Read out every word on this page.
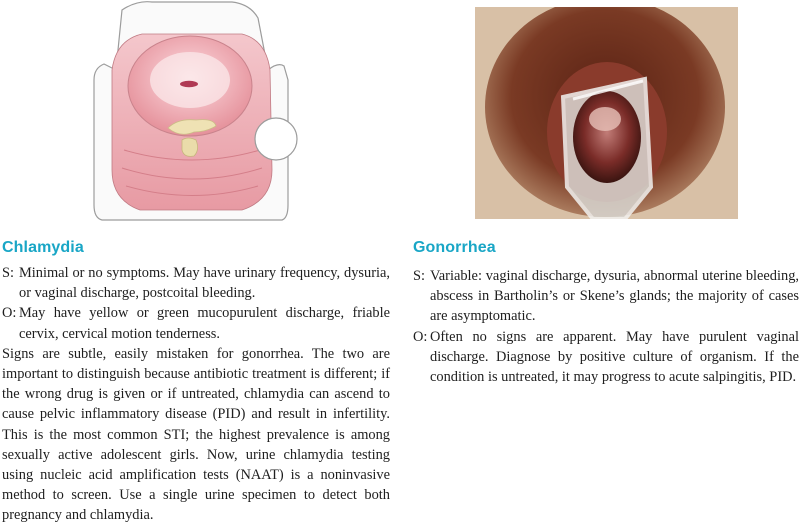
Chlamydia

S: Minimal or no symptoms. May have urinary frequency, dysuria, or vaginal discharge, postcoital bleeding.

O: May have yellow or green mucopurulent discharge, friable cervix, cervical motion tenderness.

Signs are subtle, easily mistaken for gonorrhea. The two are important to distinguish because antibiotic treatment is different; if the wrong drug is given or if untreated, chlamydia can ascend to cause pelvic inflammatory disease (PID) and result in infertility. This is the most common STI; the highest prevalence is among sexually active adolescent girls. Now, urine chlamydia testing using nucleic acid amplification tests (NAAT) is a noninvasive method to screen. Use a single urine specimen to detect both pregnancy and chlamydia.

Gonorrhea

S: Variable: vaginal discharge, dysuria, abnormal uterine bleeding, abscess in Bartholin’s or Skene’s glands; the majority of cases are asymptomatic.

O: Often no signs are apparent. May have purulent vaginal discharge. Diagnose by positive culture of organism. If the condition is untreated, it may progress to acute salpingitis, PID.
